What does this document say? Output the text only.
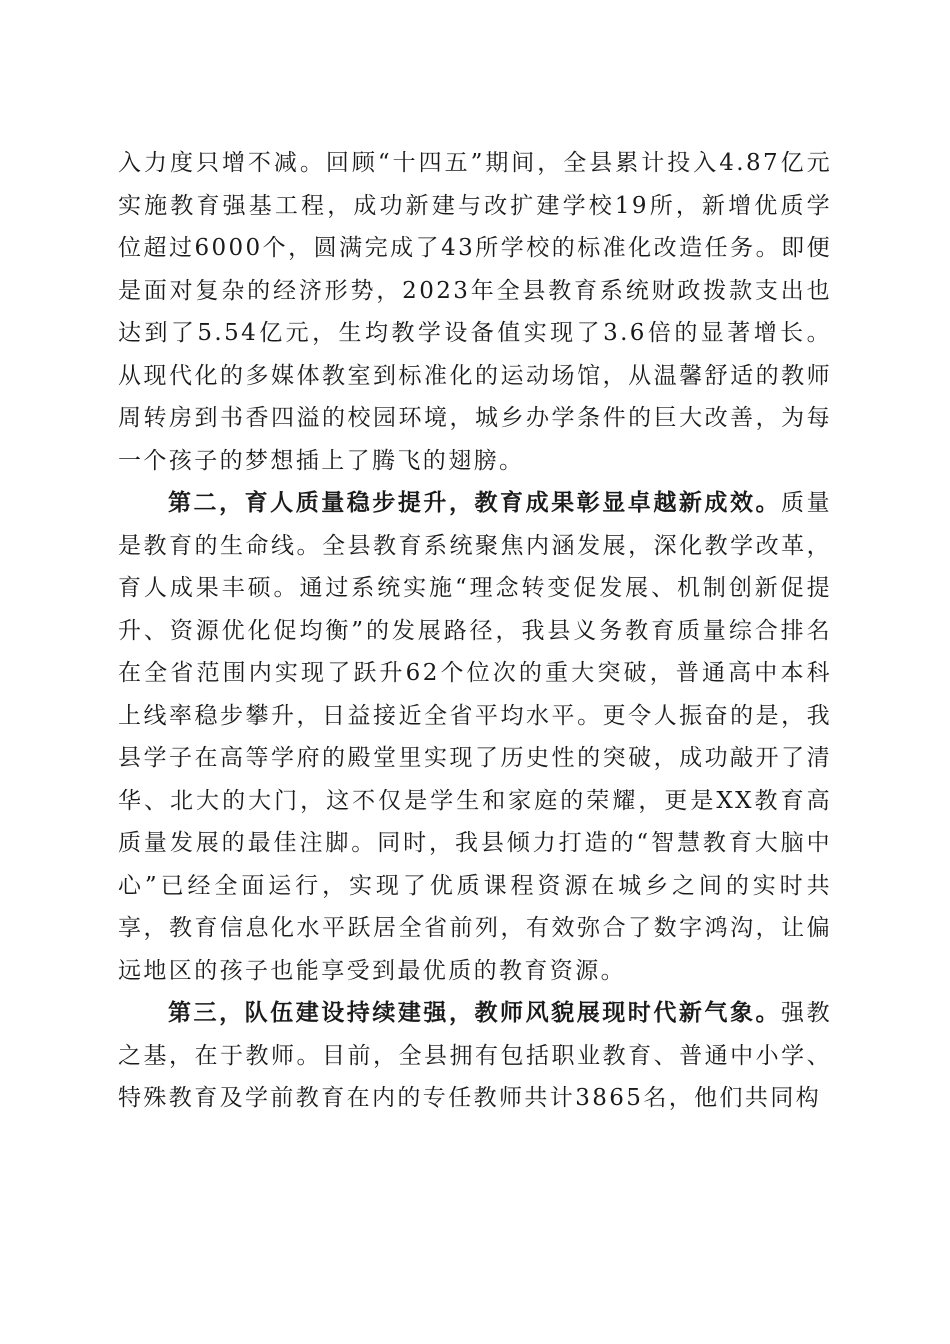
入力度只增不减。回顾“十四五”期间，全县累计投入4.87亿元实施教育强基工程，成功新建与改扩建学校19所，新增优质学位超过6000个，圆满完成了43所学校的标准化改造任务。即便是面对复杂的经济形势，2023年全县教育系统财政拨款支出也达到了5.54亿元，生均教学设备值实现了3.6倍的显著增长。从现代化的多媒体教室到标准化的运动场馆，从温馨舒适的教师周转房到书香四溢的校园环境，城乡办学条件的巨大改善，为每一个孩子的梦想插上了腾飞的翅膀。

第二，育人质量稳步提升，教育成果彰显卓越新成效。质量是教育的生命线。全县教育系统聚焦内涵发展，深化教学改革，育人成果丰硕。通过系统实施“理念转变促发展、机制创新促提升、资源优化促均衡”的发展路径，我县义务教育质量综合排名在全省范围内实现了跃升62个位次的重大突破，普通高中本科上线率稳步攀升，日益接近全省平均水平。更令人振奋的是，我县学子在高等学府的殿堂里实现了历史性的突破，成功敲开了清华、北大的大门，这不仅是学生和家庭的荣耀，更是XX教育高质量发展的最佳注脚。同时，我县倾力打造的“智慧教育大脑中心”已经全面运行，实现了优质课程资源在城乡之间的实时共享，教育信息化水平跃居全省前列，有效弥合了数字鸿沟，让偏远地区的孩子也能享受到最优质的教育资源。

第三，队伍建设持续建强，教师风貌展现时代新气象。强教之基，在于教师。目前，全县拥有包括职业教育、普通中小学、特殊教育及学前教育在内的专任教师共计3865名，他们共同构
